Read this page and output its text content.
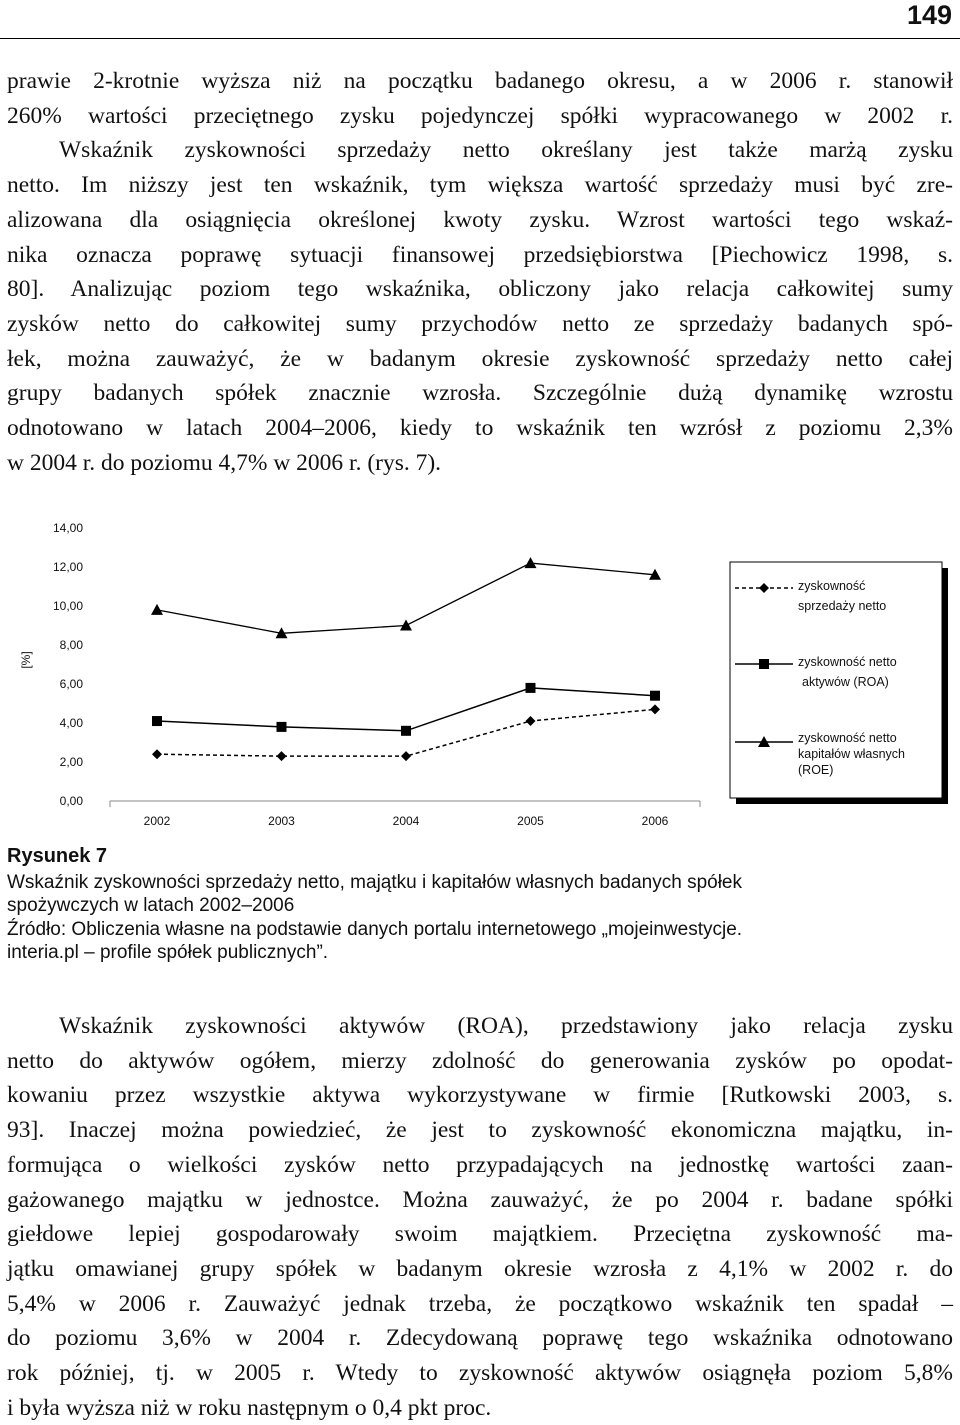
149
prawie 2-krotnie wyższa niż na początku badanego okresu, a w 2006 r. stanowił
260% wartości przeciętnego zysku pojedynczej spółki wypracowanego w 2002 r.
Wskaźnik zyskowności sprzedaży netto określany jest także marżą zysku
netto. Im niższy jest ten wskaźnik, tym większa wartość sprzedaży musi być zre-
alizowana dla osiągnięcia określonej kwoty zysku. Wzrost wartości tego wskaź-
nika oznacza poprawę sytuacji finansowej przedsiębiorstwa [Piechowicz 1998, s.
80]. Analizując poziom tego wskaźnika, obliczony jako relacja całkowitej sumy
zysków netto do całkowitej sumy przychodów netto ze sprzedaży badanych spó-
łek, można zauważyć, że w badanym okresie zyskowność sprzedaży netto całej
grupy badanych spółek znacznie wzrosła. Szczególnie dużą dynamikę wzrostu
odnotowano w latach 2004–2006, kiedy to wskaźnik ten wzrósł z poziomu 2,3%
w 2004 r. do poziomu 4,7% w 2006 r. (rys. 7).
0,00
2,00
4,00
6,00
8,00
10,00
12,00
14,00
[%]
2002	2003	2004	2005	2006
zyskowność
sprzedaży netto
zyskowność netto
aktywów (ROA)
zyskowność netto
kapitałów własnych
(ROE)
Rysunek 7
Wskaźnik zyskowności sprzedaży netto, majątku i kapitałów własnych badanych spółek
spożywczych w latach 2002–2006
Źródło: Obliczenia własne na podstawie danych portalu internetowego „mojeinwestycje.
interia.pl – profile spółek publicznych”.
Wskaźnik zyskowności aktywów (ROA), przedstawiony jako relacja zysku
netto do aktywów ogółem, mierzy zdolność do generowania zysków po opodat-
kowaniu przez wszystkie aktywa wykorzystywane w firmie [Rutkowski 2003, s.
93]. Inaczej można powiedzieć, że jest to zyskowność ekonomiczna majątku, in-
formująca o wielkości zysków netto przypadających na jednostkę wartości zaan-
gażowanego majątku w jednostce. Można zauważyć, że po 2004 r. badane spółki
giełdowe lepiej gospodarowały swoim majątkiem. Przeciętna zyskowność ma-
jątku omawianej grupy spółek w badanym okresie wzrosła z 4,1% w 2002 r. do
5,4% w 2006 r. Zauważyć jednak trzeba, że początkowo wskaźnik ten spadał –
do poziomu 3,6% w 2004 r. Zdecydowaną poprawę tego wskaźnika odnotowano
rok później, tj. w 2005 r. Wtedy to zyskowność aktywów osiągnęła poziom 5,8%
i była wyższa niż w roku następnym o 0,4 pkt proc.
